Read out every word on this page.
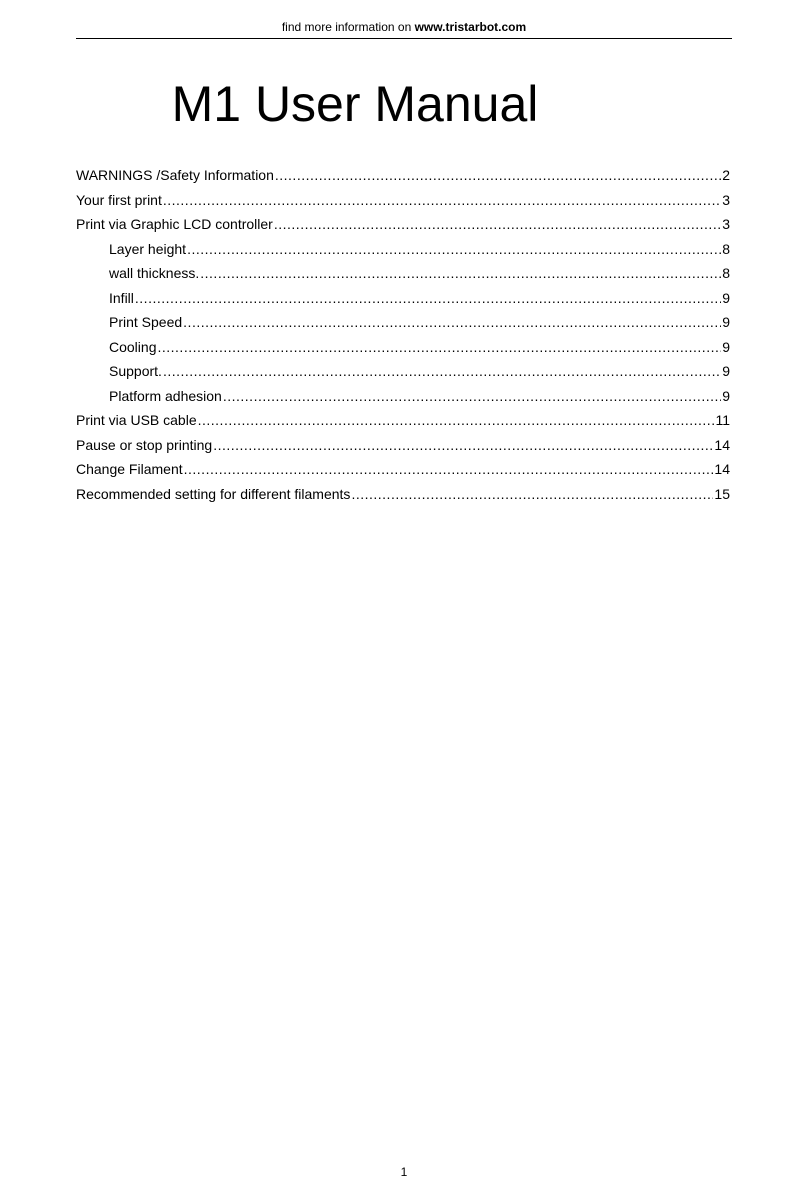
find more information on www.tristarbot.com
M1 User Manual
WARNINGS /Safety Information .....	2
Your first print .....	3
Print via Graphic LCD controller .....	3
Layer height .....	8
wall thickness. .....	8
Infill .....	9
Print Speed .....	9
Cooling .....	9
Support. .....	9
Platform adhesion .....	9
Print via USB cable .....	11
Pause or stop printing .....	14
Change Filament .....	14
Recommended setting for different filaments .....	15
1
